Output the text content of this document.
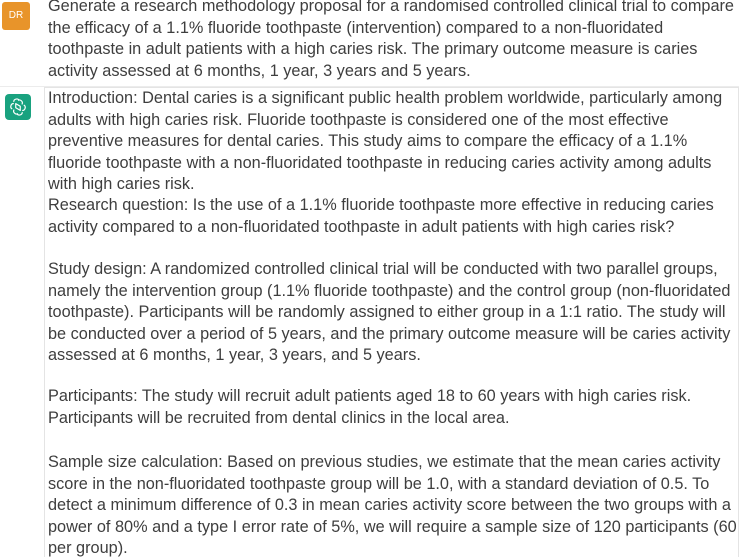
DR
Generate a research methodology proposal for a randomised controlled clinical trial to compare the efficacy of a 1.1% fluoride toothpaste (intervention) compared to a non-fluoridated toothpaste in adult patients with a high caries risk. The primary outcome measure is caries activity assessed at 6 months, 1 year, 3 years and 5 years.

Introduction: Dental caries is a significant public health problem worldwide, particularly among adults with high caries risk. Fluoride toothpaste is considered one of the most effective preventive measures for dental caries. This study aims to compare the efficacy of a 1.1% fluoride toothpaste with a non-fluoridated toothpaste in reducing caries activity among adults with high caries risk.

Research question: Is the use of a 1.1% fluoride toothpaste more effective in reducing caries activity compared to a non-fluoridated toothpaste in adult patients with high caries risk?

Study design: A randomized controlled clinical trial will be conducted with two parallel groups, namely the intervention group (1.1% fluoride toothpaste) and the control group (non-fluoridated toothpaste). Participants will be randomly assigned to either group in a 1:1 ratio. The study will be conducted over a period of 5 years, and the primary outcome measure will be caries activity assessed at 6 months, 1 year, 3 years, and 5 years.

Participants: The study will recruit adult patients aged 18 to 60 years with high caries risk. Participants will be recruited from dental clinics in the local area.

Sample size calculation: Based on previous studies, we estimate that the mean caries activity score in the non-fluoridated toothpaste group will be 1.0, with a standard deviation of 0.5. To detect a minimum difference of 0.3 in mean caries activity score between the two groups with a power of 80% and a type I error rate of 5%, we will require a sample size of 120 participants (60 per group).
